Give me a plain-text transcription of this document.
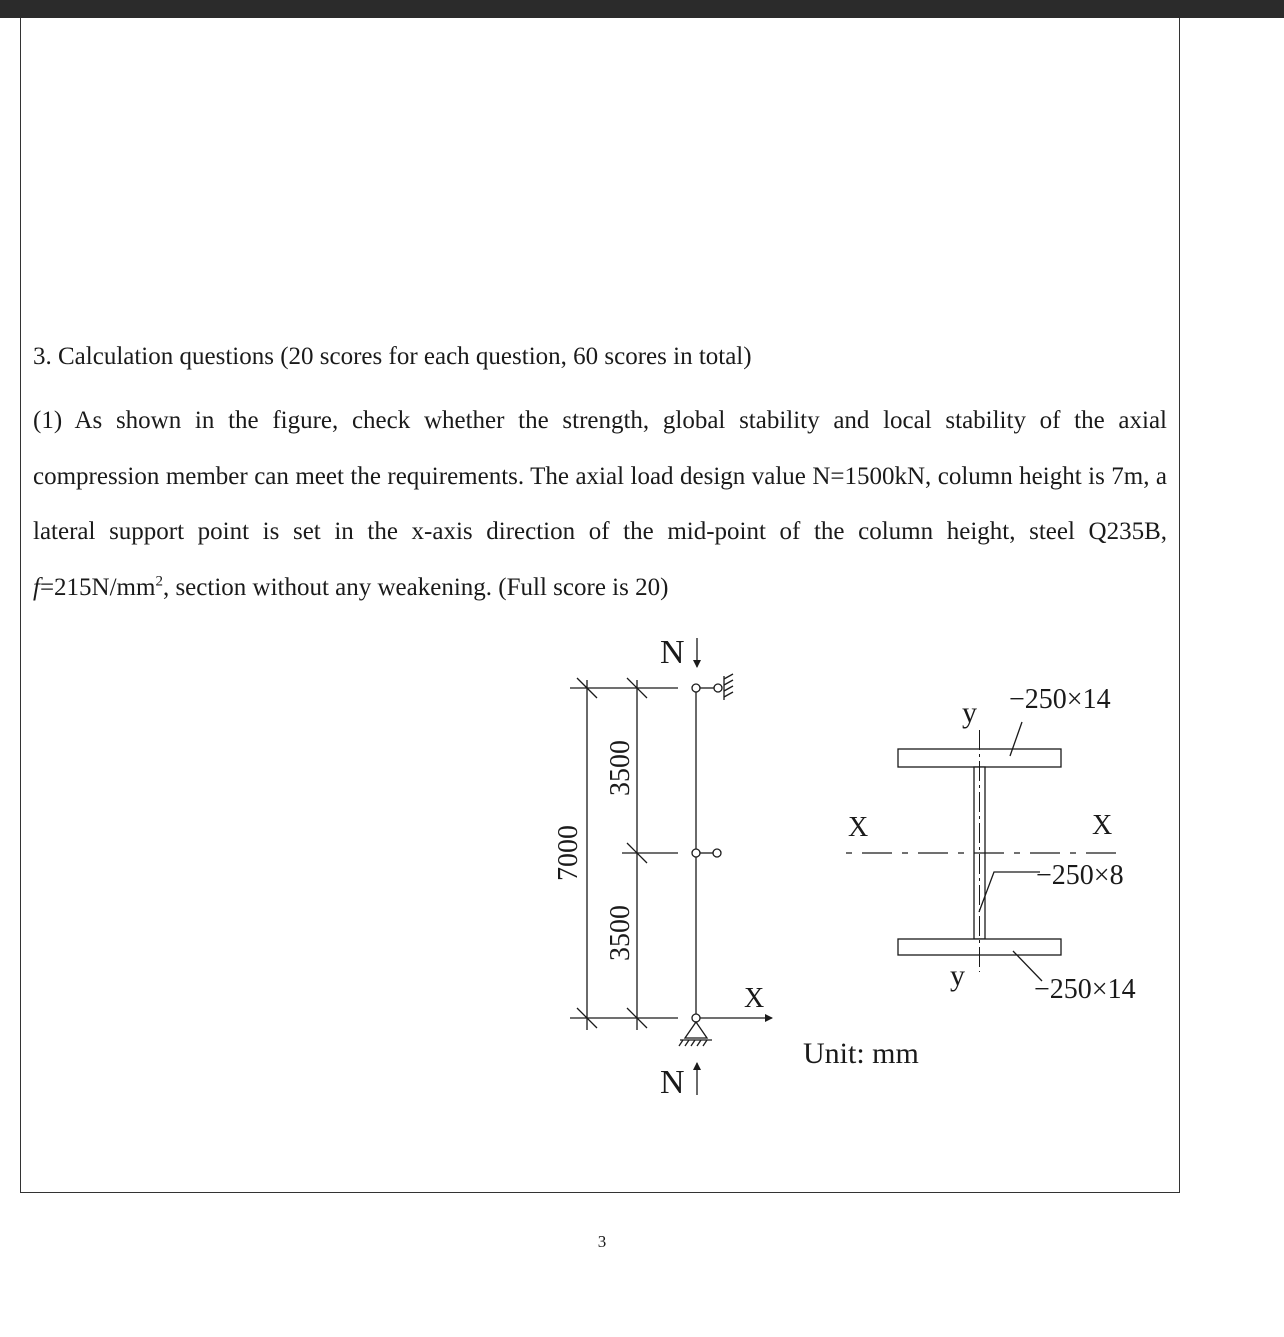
3. Calculation questions (20 scores for each question, 60 scores in total)
(1) As shown in the figure, check whether the strength, global stability and local stability of the axial compression member can meet the requirements. The axial load design value N=1500kN, column height is 7m, a lateral support point is set in the x-axis direction of the mid-point of the column height, steel Q235B, $f=215N/mm^2$, section without any weakening. (Full score is 20)
N
N
X
7000
3500
3500
y
y
X	X
−250×14
−250×8
−250×14
Unit: mm
3
